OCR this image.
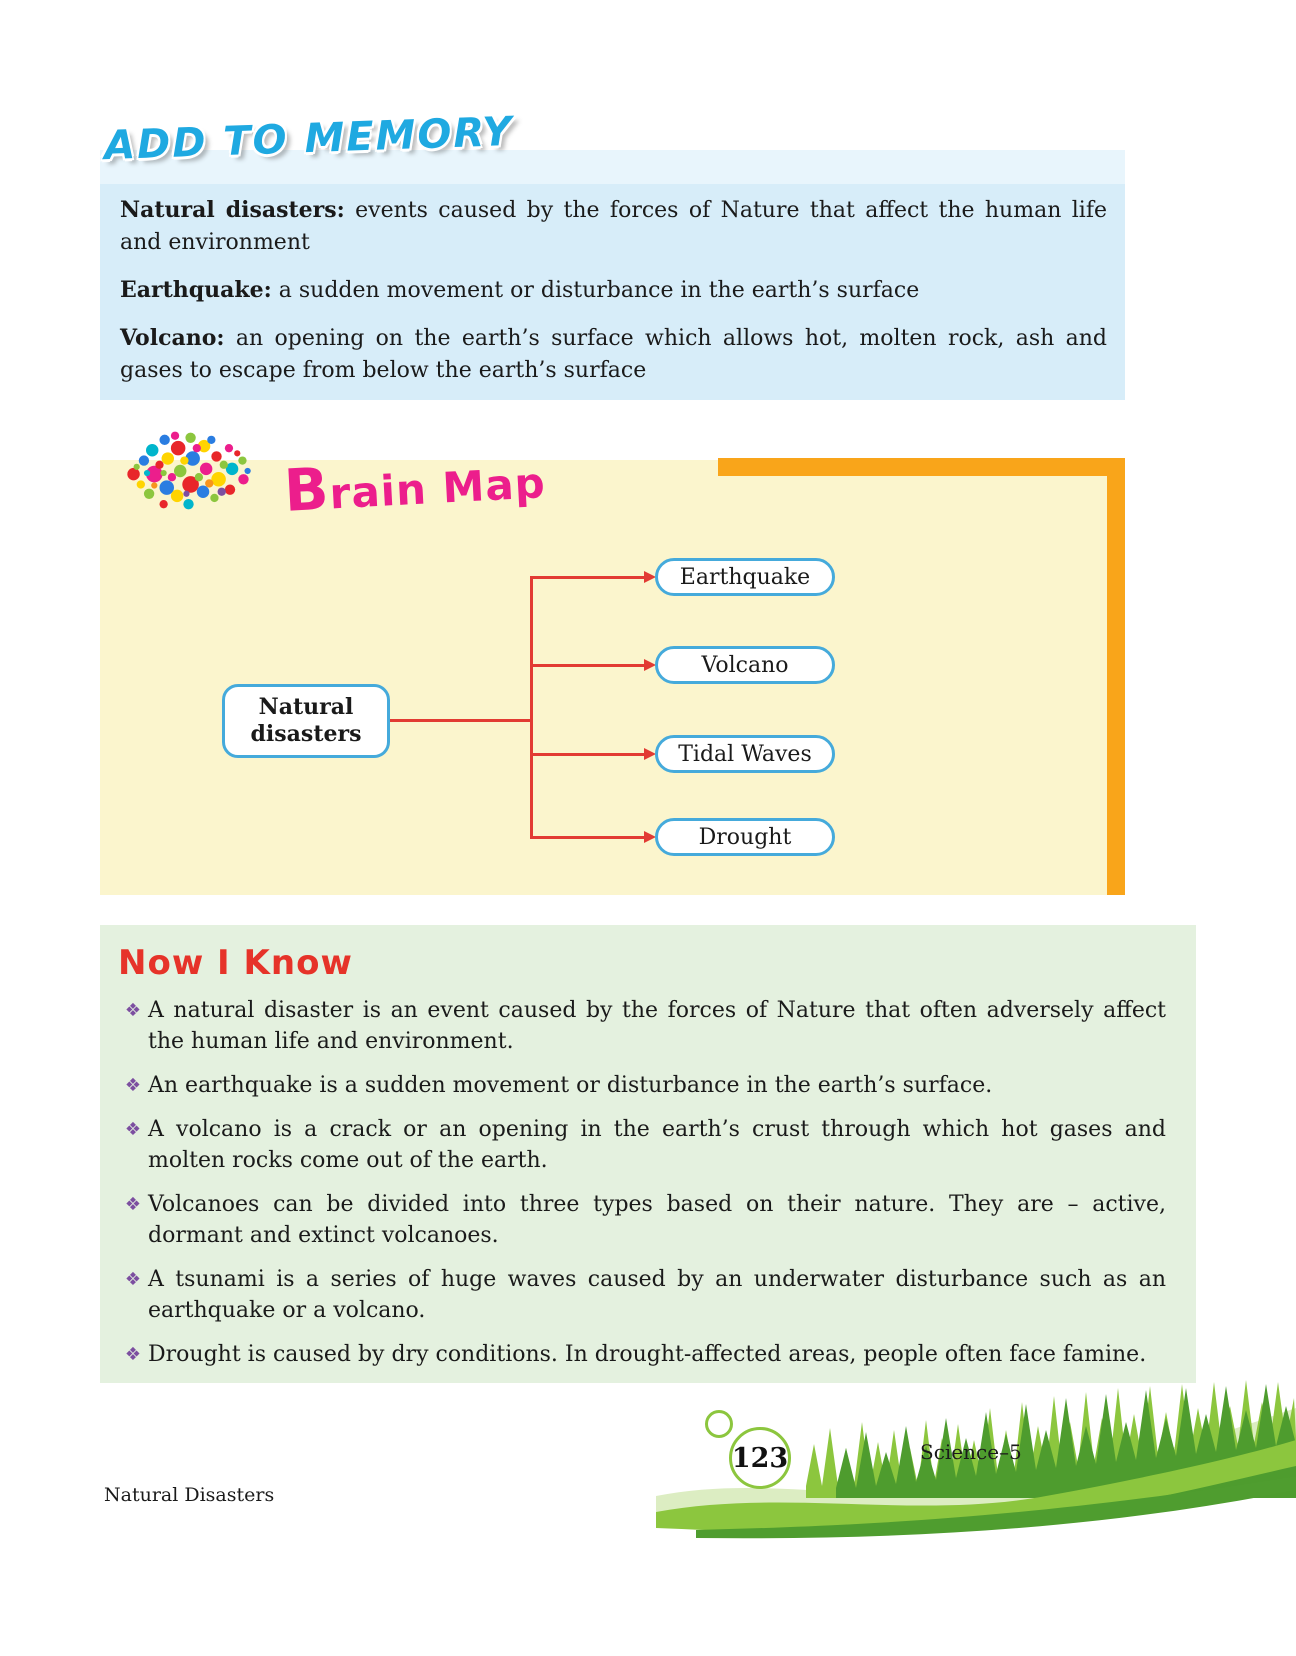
ADD TO MEMORY

Natural disasters: events caused by the forces of Nature that affect the human life and environment

Earthquake: a sudden movement or disturbance in the earth’s surface

Volcano: an opening on the earth’s surface which allows hot, molten rock, ash and gases to escape from below the earth’s surface

Brain Map
Natural disasters
Earthquake
Volcano
Tidal Waves
Drought
Now I Know
❖ A natural disaster is an event caused by the forces of Nature that often adversely affect the human life and environment.
❖ An earthquake is a sudden movement or disturbance in the earth’s surface.
❖ A volcano is a crack or an opening in the earth’s crust through which hot gases and molten rocks come out of the earth.
❖ Volcanoes can be divided into three types based on their nature. They are – active, dormant and extinct volcanoes.
❖ A tsunami is a series of huge waves caused by an underwater disturbance such as an earthquake or a volcano.
❖ Drought is caused by dry conditions. In drought-affected areas, people often face famine.
123	Science–5
Natural Disasters
